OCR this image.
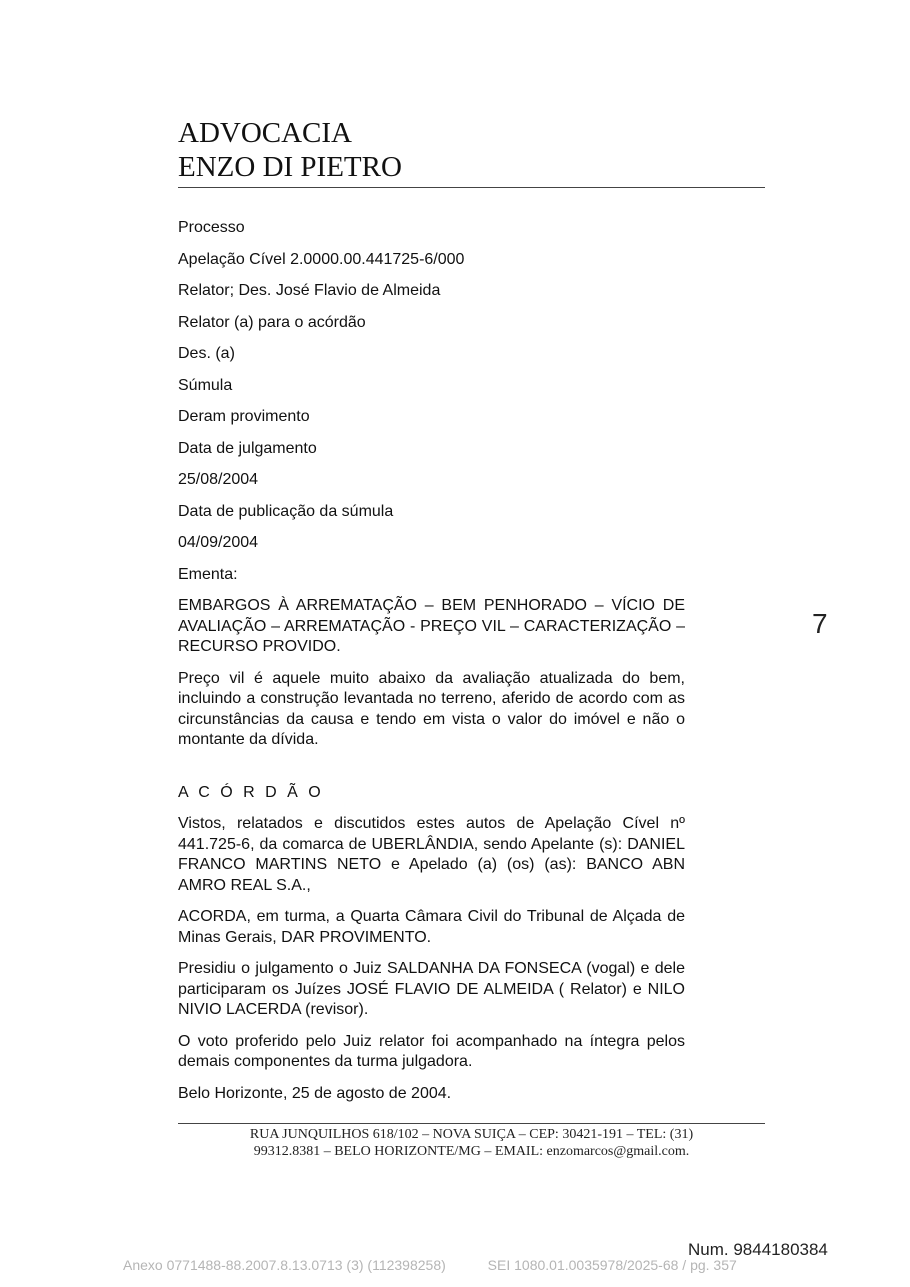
ADVOCACIA
ENZO DI PIETRO

Processo

Apelação Cível 2.0000.00.441725-6/000

Relator; Des. José Flavio de Almeida

Relator (a) para o acórdão

Des. (a)

Súmula

Deram provimento

Data de julgamento

25/08/2004

Data de publicação da súmula

04/09/2004

Ementa:

EMBARGOS À ARREMATAÇÃO – BEM PENHORADO – VÍCIO DE AVALIAÇÃO – ARREMATAÇÃO - PREÇO VIL – CARACTERIZAÇÃO – RECURSO PROVIDO.

Preço vil é aquele muito abaixo da avaliação atualizada do bem, incluindo a construção levantada no terreno, aferido de acordo com as circunstâncias da causa e tendo em vista o valor do imóvel e não o montante da dívida.

A C Ó R D Ã O

Vistos, relatados e discutidos estes autos de Apelação Cível nº 441.725-6, da comarca de UBERLÂNDIA, sendo Apelante (s): DANIEL FRANCO MARTINS NETO e Apelado (a) (os) (as): BANCO ABN AMRO REAL S.A.,

ACORDA, em turma, a Quarta Câmara Civil do Tribunal de Alçada de Minas Gerais, DAR PROVIMENTO.

Presidiu o julgamento o Juiz SALDANHA DA FONSECA (vogal) e dele participaram os Juízes JOSÉ FLAVIO DE ALMEIDA ( Relator) e NILO NIVIO LACERDA (revisor).

O voto proferido pelo Juiz relator foi acompanhado na íntegra pelos demais componentes da turma julgadora.

Belo Horizonte, 25 de agosto de 2004.

7
RUA JUNQUILHOS 618/102 – NOVA SUIÇA – CEP: 30421-191 – TEL: (31)
99312.8381 – BELO HORIZONTE/MG – EMAIL: enzomarcos@gmail.com.
Num. 9844180384
Anexo 0771488-88.2007.8.13.0713 (3) (112398258)	SEI 1080.01.0035978/2025-68 / pg. 357
